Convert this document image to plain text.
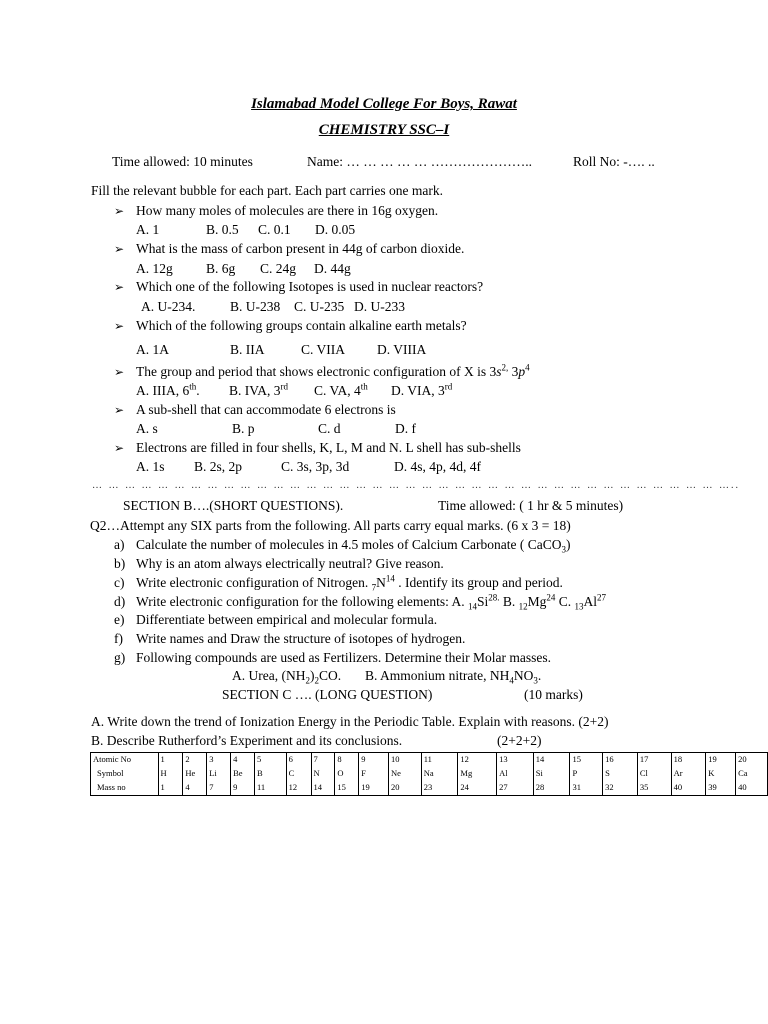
Islamabad Model College For Boys, Rawat
CHEMISTRY SSC–I
Time allowed: 10 minutes	Name: … … … … … …………………..	Roll No: -…. ..
Fill the relevant bubble for each part. Each part carries one mark.
➢ How many moles of molecules are there in 16g oxygen.
A. 1	B. 0.5	C. 0.1	D. 0.05
➢ What is the mass of carbon present in 44g of carbon dioxide.
A. 12g	B. 6g	C. 24g	D. 44g
➢ Which one of the following Isotopes is used in nuclear reactors?
A. U-234.	B. U-238	C. U-235 D. U-233
➢ Which of the following groups contain alkaline earth metals?
A. 1A	B. IIA	C. VIIA	D. VIIIA
➢ The group and period that shows electronic configuration of X is $3s^{2,}$ $3p^4$
A. IIIA, 6th.	B. IVA, 3rd	C. VA, 4th	D. VIA, 3rd
➢ A sub-shell that can accommodate 6 electrons is
A. s	B. p	C. d	D. f
➢ Electrons are filled in four shells, K, L, M and N. L shell has sub-shells
A. 1s	B. 2s, 2p	C. 3s, 3p, 3d	D. 4s, 4p, 4d, 4f
… … … … … … … … … … … … … … … … … … … … … … … … … … … … … … … … … … … … … … …..
SECTION B….(SHORT QUESTIONS).	Time allowed: ( 1 hr & 5 minutes)
Q2…Attempt any SIX parts from the following. All parts carry equal marks. (6 x 3 = 18)
a) Calculate the number of molecules in 4.5 moles of Calcium Carbonate ( CaCO$_3$)
b) Why is an atom always electrically neutral? Give reason.
c) Write electronic configuration of Nitrogen. $_7N^{14}$ . Identify its group and period.
d) Write electronic configuration for the following elements: A. $_{14}Si^{28.}$ B. $_{12}Mg^{24}$ C. $_{13}Al^{27}$
e) Differentiate between empirical and molecular formula.
f) Write names and Draw the structure of isotopes of hydrogen.
g) Following compounds are used as Fertilizers. Determine their Molar masses.
A. Urea, $(NH_2)_2CO$. B. Ammonium nitrate, $NH_4NO_3$.
SECTION C …. (LONG QUESTION)	(10 marks)
A. Write down the trend of Ionization Energy in the Periodic Table. Explain with reasons. (2+2)
B. Describe Rutherford’s Experiment and its conclusions.	(2+2+2)
Atomic No	1	2	3	4	5	6	7	8	9	10	11	12	13	14	15	16	17	18	19	20
Symbol	H	He	Li	Be	B	C	N	O	F	Ne	Na	Mg	Al	Si	P	S	Cl	Ar	K	Ca
Mass no	1	4	7	9	11	12	14	15	19	20	23	24	27	28	31	32	35	40	39	40
